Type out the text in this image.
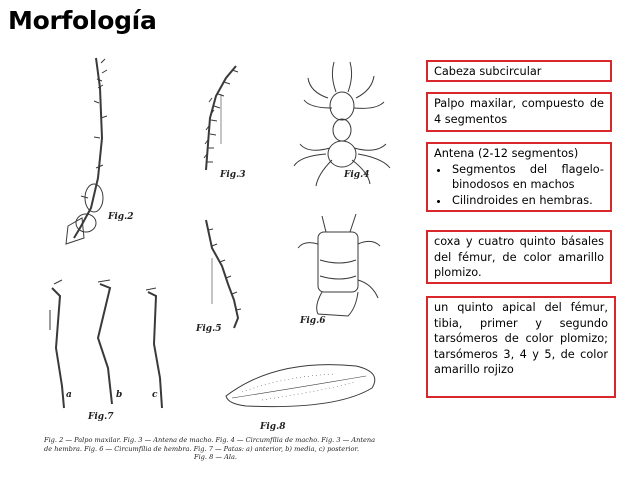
Morfología
Fig.2
Fig.3	Fig.4
Fig.5
Fig.6
Fig.7
Fig.8
a	b	c
Fig. 2 — Palpo maxilar. Fig. 3 — Antena de macho. Fig. 4 — Circumfília de macho. Fig. 3 — Antena
de hembra. Fig. 6 — Circumfília de hembra. Fig. 7 — Patas: a) anterior, b) media, c) posterior.
Fig. 8 — Ala.
Cabeza subcircular
Palpo maxilar, compuesto de 4 segmentos
Antena (2-12 segmentos)
• Segmentos del flagelo- binodosos en machos
• Cilindroides en hembras.
coxa y cuatro quinto básales del fémur, de color amarillo plomizo.
un quinto apical del fémur, tibia, primer y segundo tarsómeros de color plomizo; tarsómeros 3, 4 y 5, de color amarillo rojizo
